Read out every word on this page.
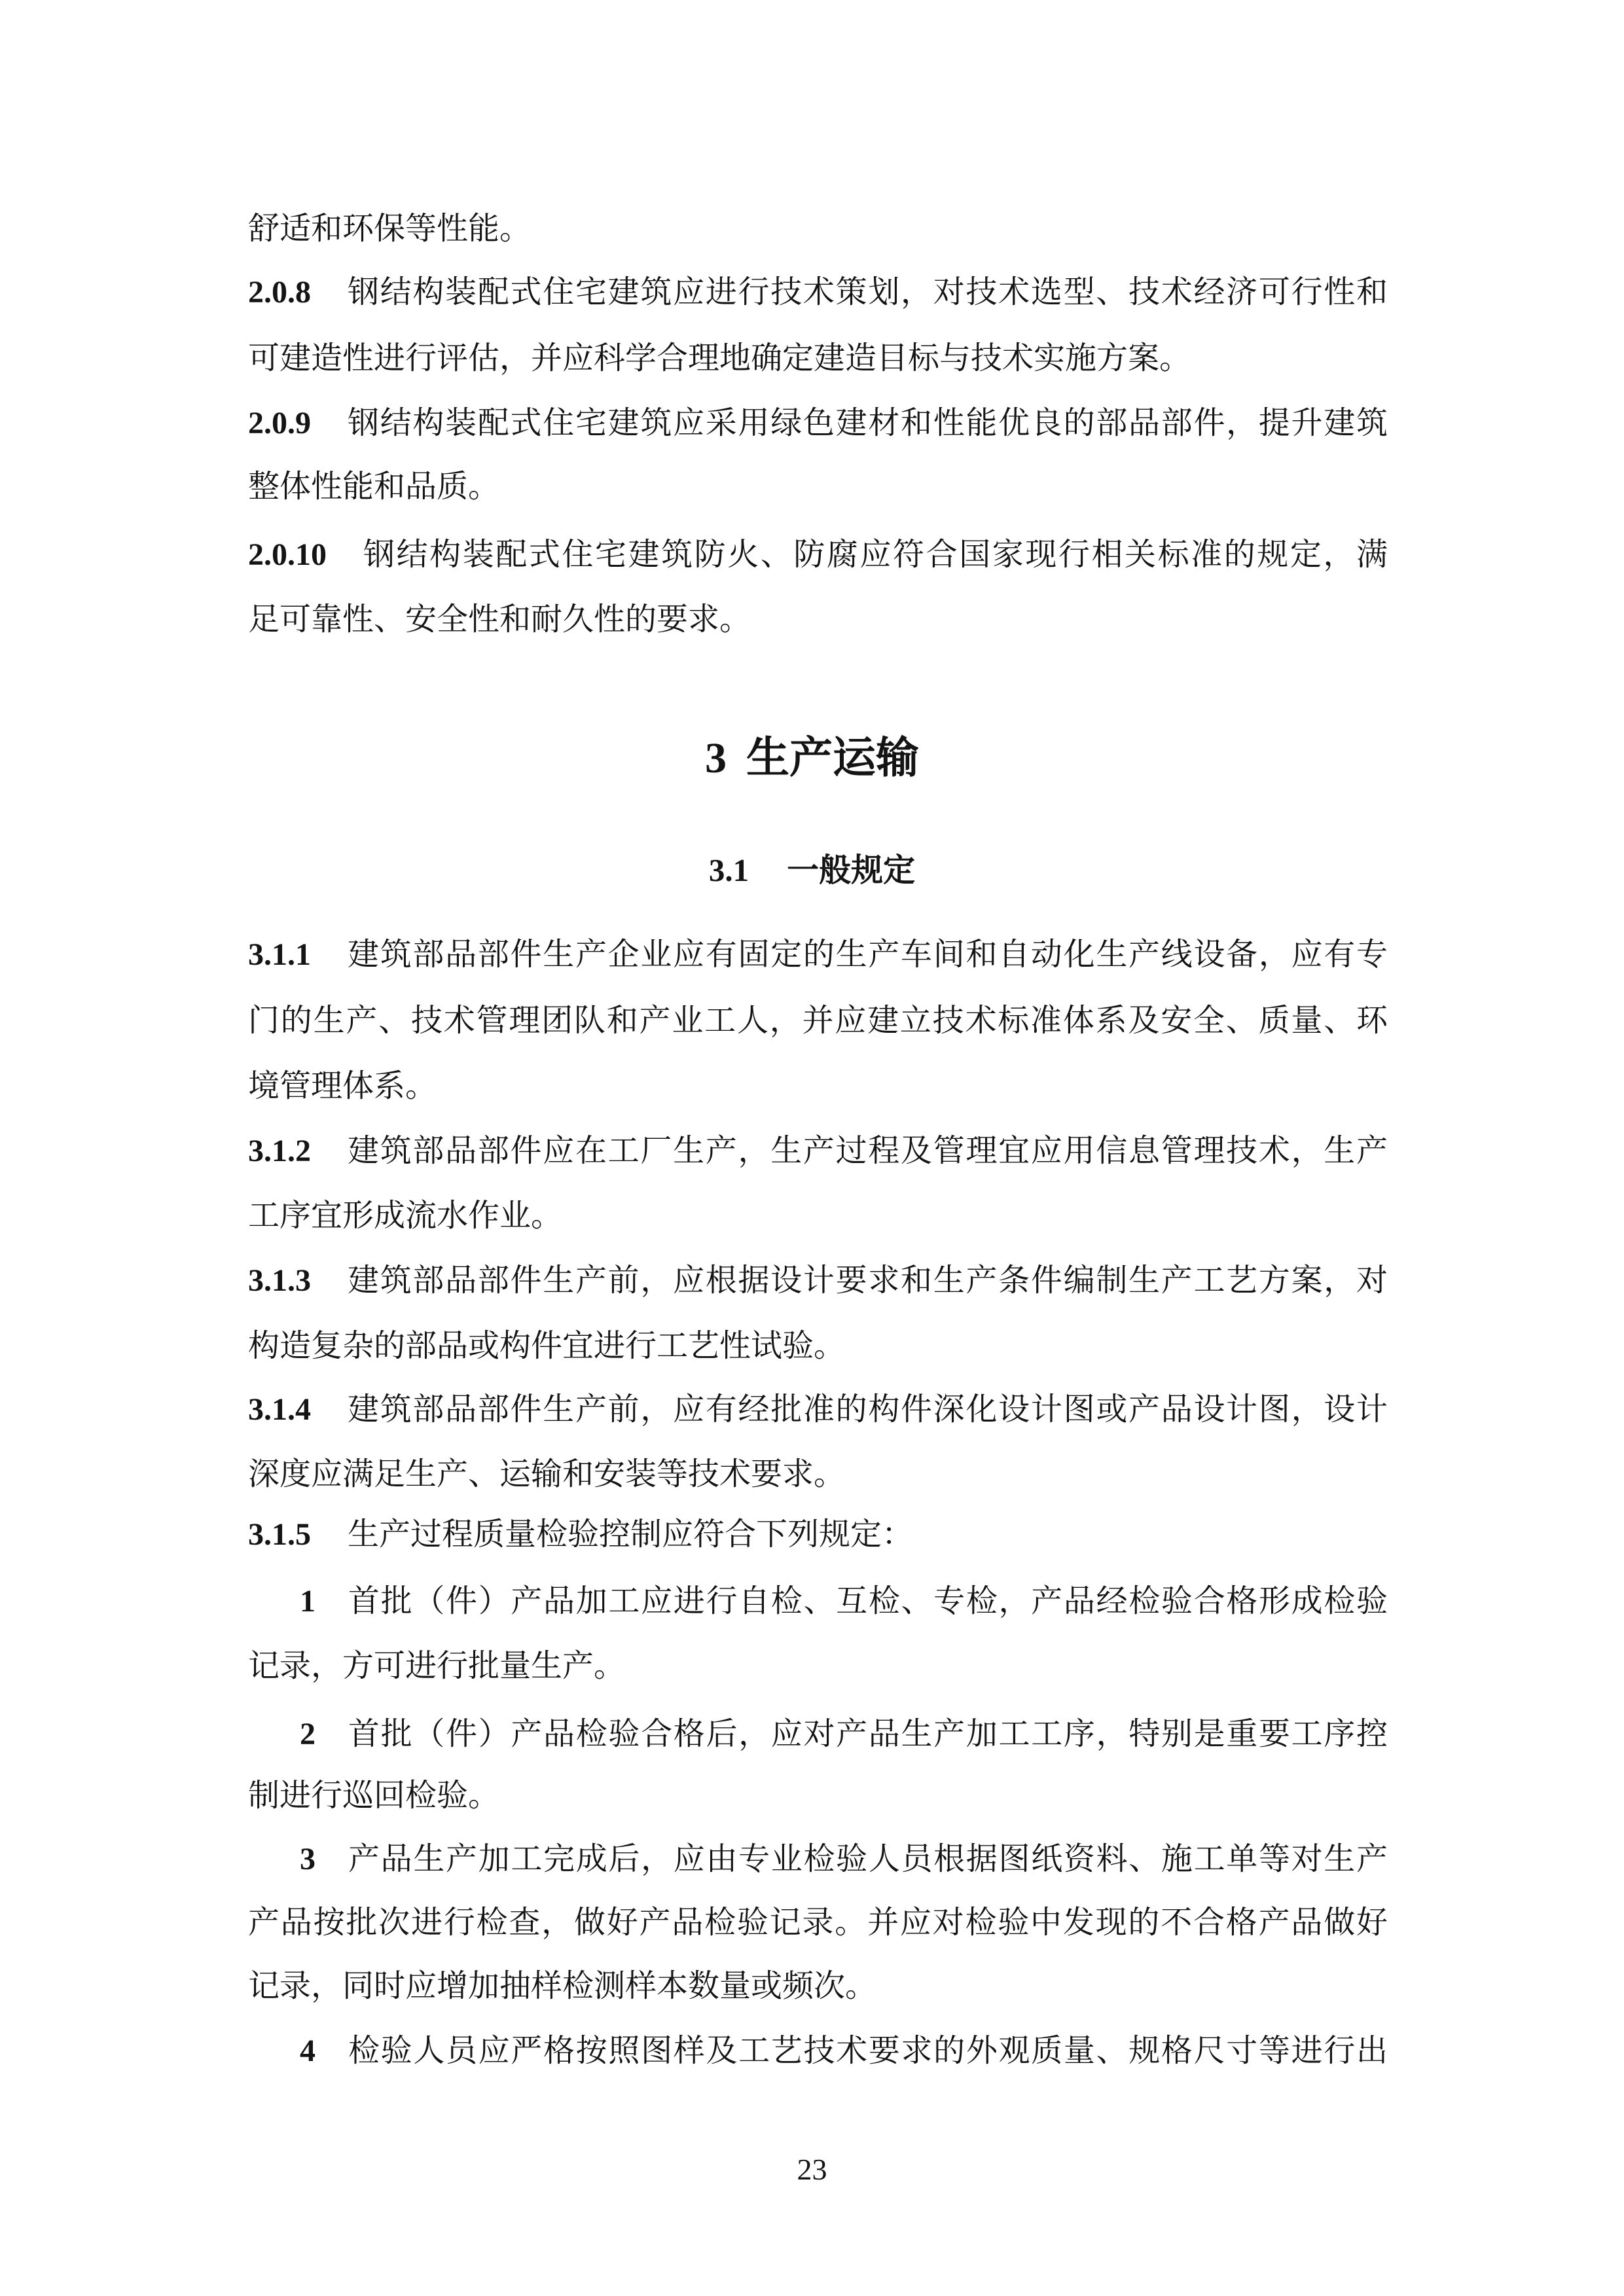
舒适和环保等性能。
2.0.8 钢结构装配式住宅建筑应进行技术策划，对技术选型、技术经济可行性和
可建造性进行评估，并应科学合理地确定建造目标与技术实施方案。
2.0.9 钢结构装配式住宅建筑应采用绿色建材和性能优良的部品部件，提升建筑
整体性能和品质。
2.0.10 钢结构装配式住宅建筑防火、防腐应符合国家现行相关标准的规定，满
足可靠性、安全性和耐久性的要求。
3 生产运输
3.1 一般规定
3.1.1 建筑部品部件生产企业应有固定的生产车间和自动化生产线设备，应有专
门的生产、技术管理团队和产业工人，并应建立技术标准体系及安全、质量、环
境管理体系。
3.1.2 建筑部品部件应在工厂生产，生产过程及管理宜应用信息管理技术，生产
工序宜形成流水作业。
3.1.3 建筑部品部件生产前，应根据设计要求和生产条件编制生产工艺方案，对
构造复杂的部品或构件宜进行工艺性试验。
3.1.4 建筑部品部件生产前，应有经批准的构件深化设计图或产品设计图，设计
深度应满足生产、运输和安装等技术要求。
3.1.5 生产过程质量检验控制应符合下列规定：
1 首批（件）产品加工应进行自检、互检、专检，产品经检验合格形成检验
记录，方可进行批量生产。
2 首批（件）产品检验合格后，应对产品生产加工工序，特别是重要工序控
制进行巡回检验。
3 产品生产加工完成后，应由专业检验人员根据图纸资料、施工单等对生产
产品按批次进行检查，做好产品检验记录。并应对检验中发现的不合格产品做好
记录，同时应增加抽样检测样本数量或频次。
4 检验人员应严格按照图样及工艺技术要求的外观质量、规格尺寸等进行出
23
